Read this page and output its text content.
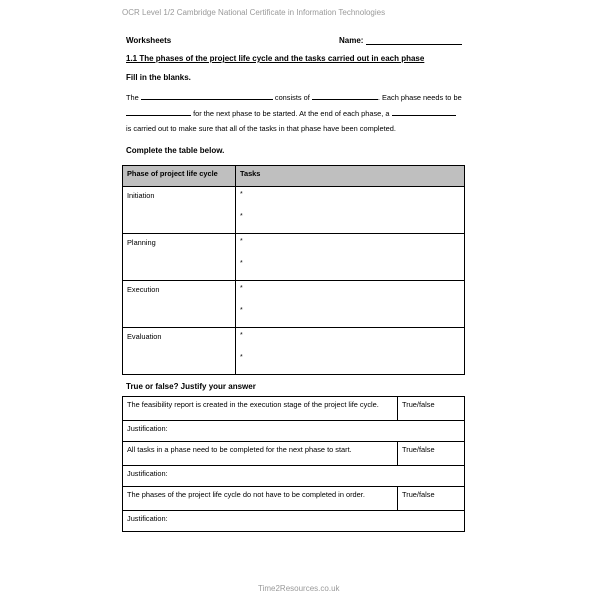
OCR Level 1/2 Cambridge National Certificate in Information Technologies
Worksheets	Name:
1.1 The phases of the project life cycle and the tasks carried out in each phase
Fill in the blanks.
The	consists of	. Each phase needs to be
for the next phase to be started. At the end of each phase, a
is carried out to make sure that all of the tasks in that phase have been completed.
Complete the table below.
Phase of project life cycle	Tasks
Initiation	*
*

Planning	*
*

Execution	*
*

Evaluation	*
*
True or false? Justify your answer
The feasibility report is created in the execution stage of the project life cycle.	True/false
Justification:	
All tasks in a phase need to be completed for the next phase to start.	True/false
Justification:	
The phases of the project life cycle do not have to be completed in order.	True/false
Justification:	
Time2Resources.co.uk
